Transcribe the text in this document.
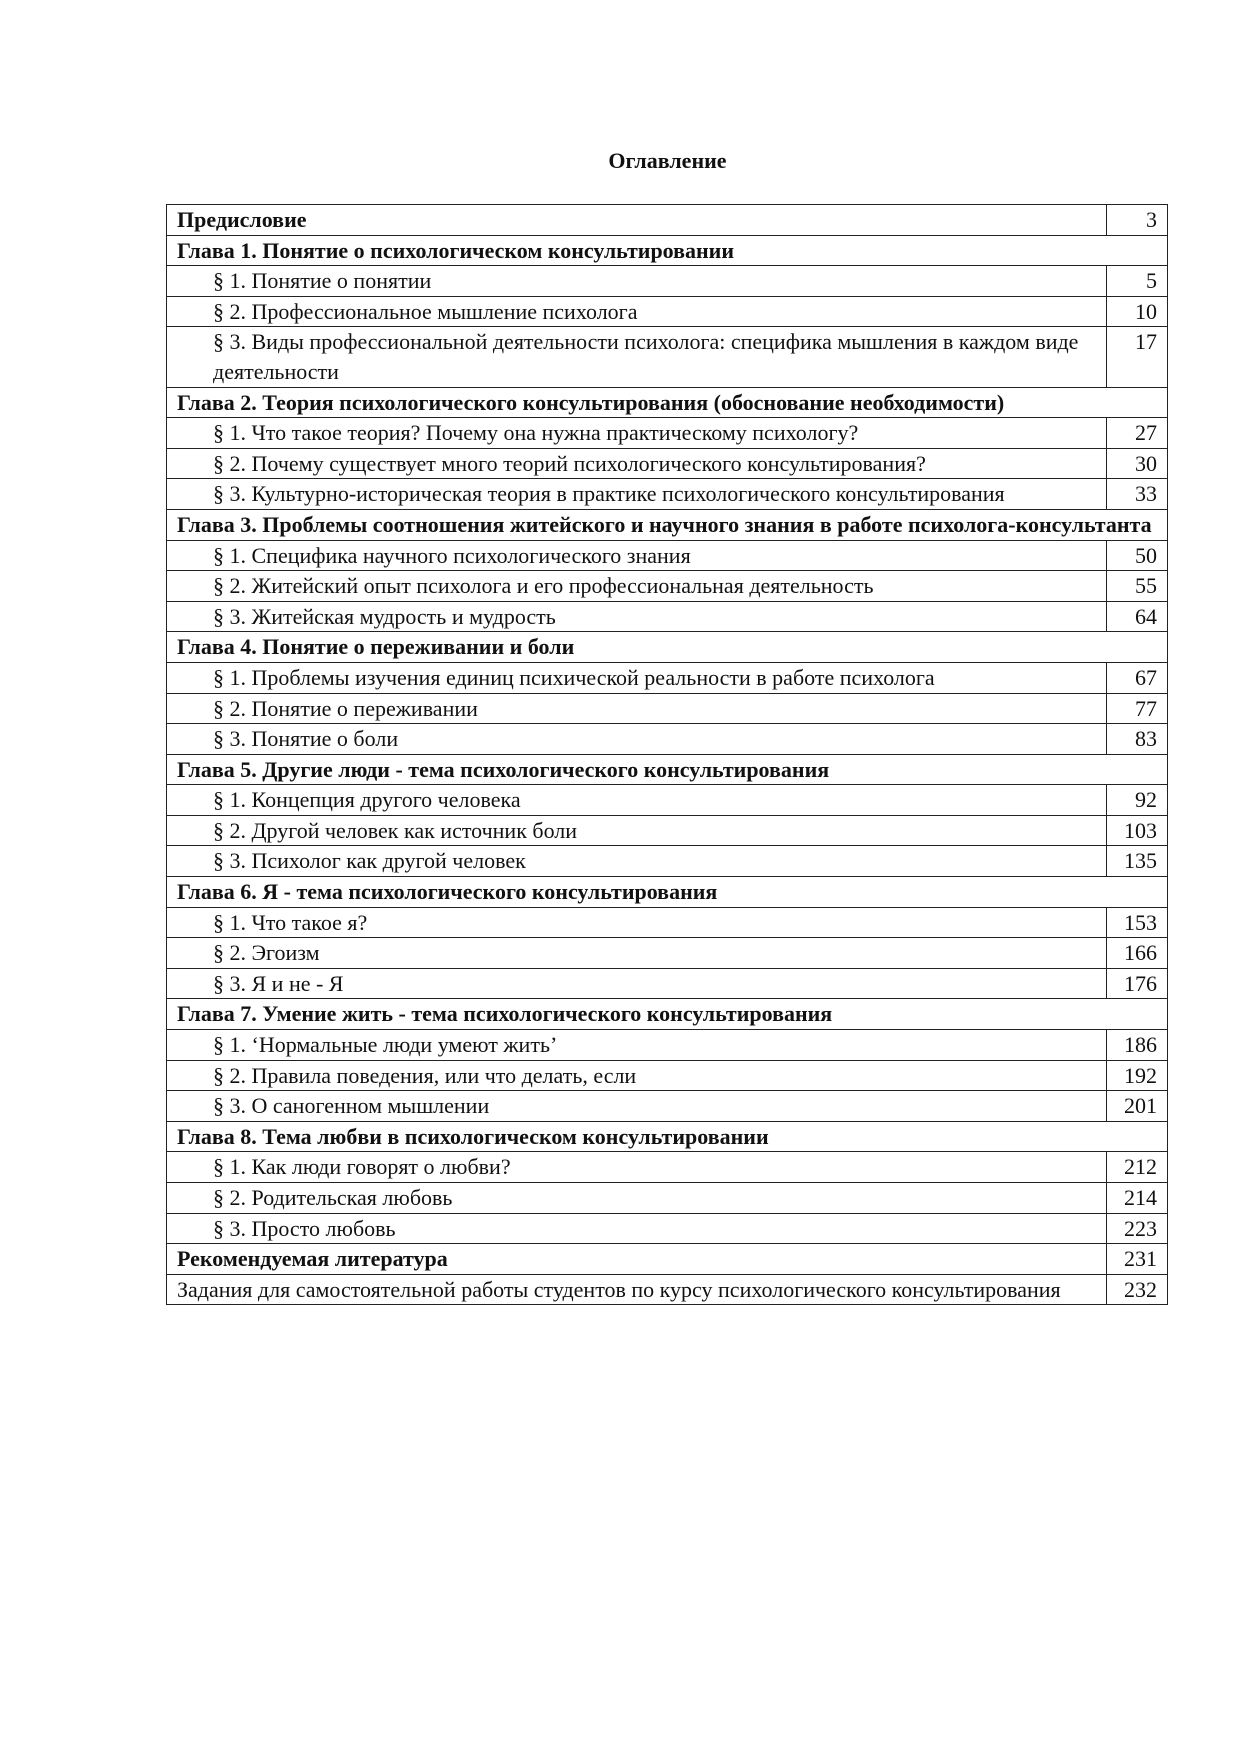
Оглавление
Предисловие	3
Глава 1. Понятие о психологическом консультировании	
§ 1. Понятие о понятии	5
§ 2. Профессиональное мышление психолога	10
§ 3. Виды профессиональной деятельности психолога: специфика мышления в каждом виде деятельности	17
Глава 2. Теория психологического консультирования (обоснование необходимости)	
§ 1. Что такое теория? Почему она нужна практическому психологу?	27
§ 2. Почему существует много теорий психологического консультирования?	30
§ 3. Культурно-историческая теория в практике психологического консультирования	33
Глава 3. Проблемы соотношения житейского и научного знания в работе психолога-консультанта	
§ 1. Специфика научного психологического знания	50
§ 2. Житейский опыт психолога и его профессиональная деятельность	55
§ 3. Житейская мудрость и мудрость	64
Глава 4. Понятие о переживании и боли	
§ 1. Проблемы изучения единиц психической реальности в работе психолога	67
§ 2. Понятие о переживании	77
§ 3. Понятие о боли	83
Глава 5. Другие люди - тема психологического консультирования	
§ 1. Концепция другого человека	92
§ 2. Другой человек как источник боли	103
§ 3. Психолог как другой человек	135
Глава 6. Я - тема психологического консультирования	
§ 1. Что такое я?	153
§ 2. Эгоизм	166
§ 3. Я и не - Я	176
Глава 7. Умение жить - тема психологического консультирования	
§ 1. ‘Нормальные люди умеют жить’	186
§ 2. Правила поведения, или что делать, если	192
§ 3. О саногенном мышлении	201
Глава 8. Тема любви в психологическом консультировании	
§ 1. Как люди говорят о любви?	212
§ 2. Родительская любовь	214
§ 3. Просто любовь	223
Рекомендуемая литература	231
Задания для самостоятельной работы студентов по курсу психологического консультирования	232
